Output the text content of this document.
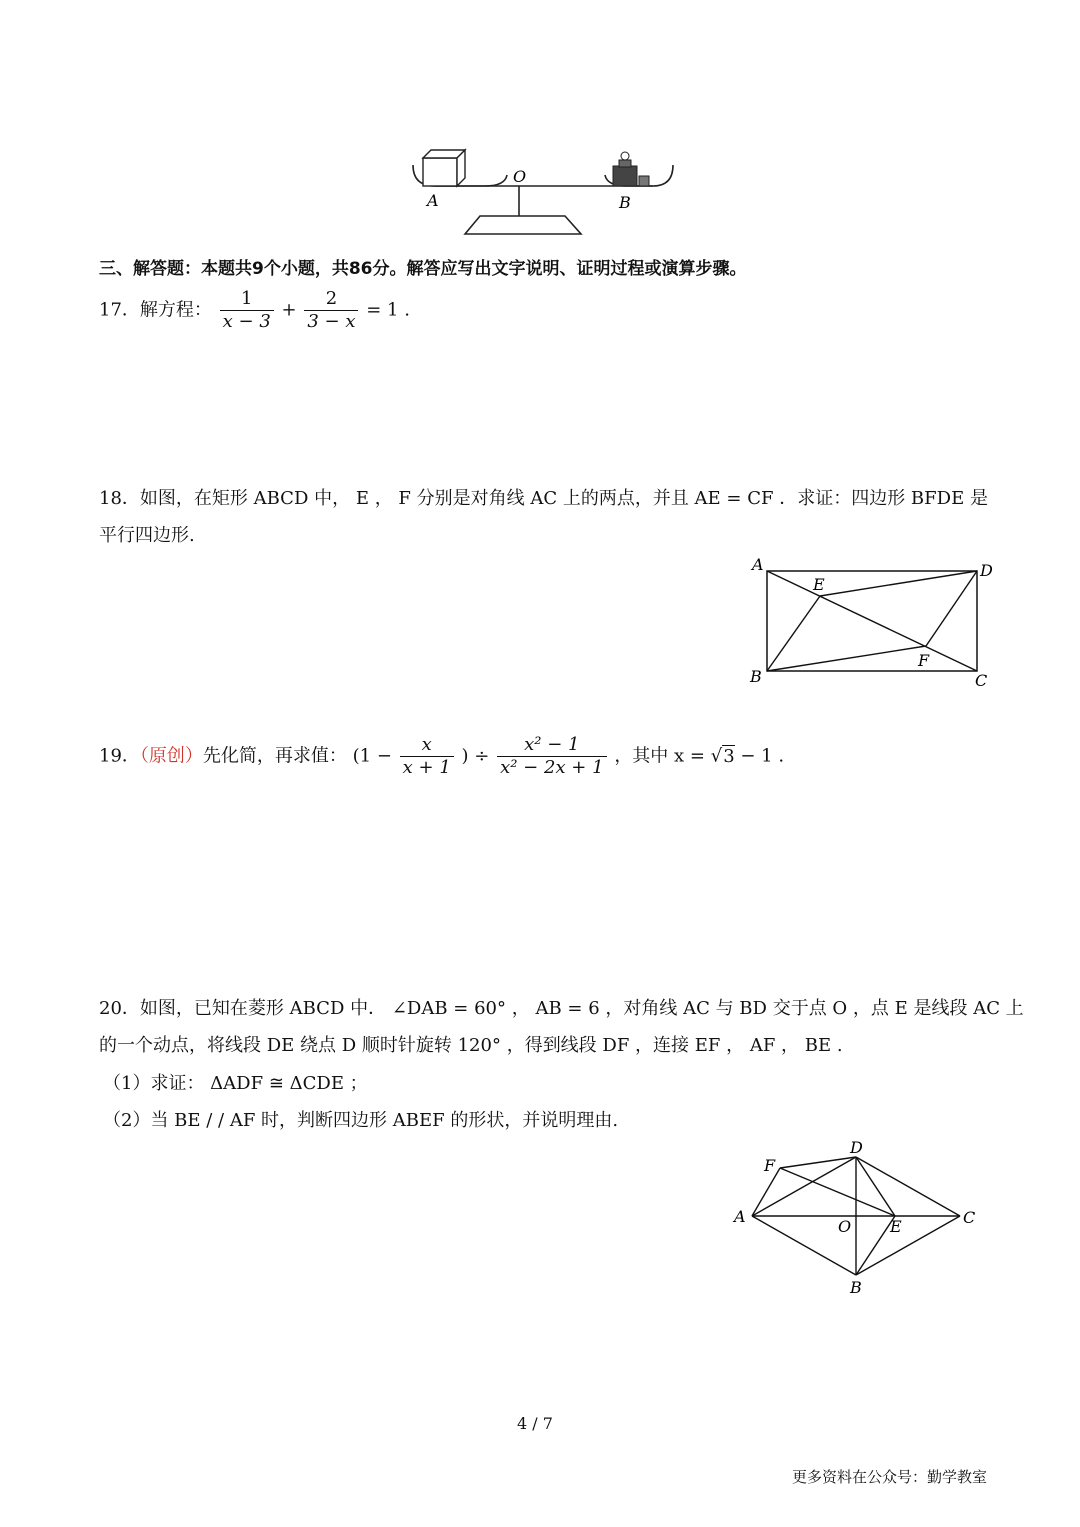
A
O
B
三、解答题：本题共9个小题，共86分。解答应写出文字说明、证明过程或演算步骤。
17．解方程： $\frac{1}{x - 3} + \frac{2}{3 - x} = 1$ .
18．如图，在矩形 ABCD 中， E ， F 分别是对角线 AC 上的两点，并且 AE = CF ．求证：四边形 BFDE 是
平行四边形.
A	D
E
F
B	C
19．（原创）先化简，再求值： ($1 - \frac{x}{x + 1}$ ) ÷ $\frac{\text{x² − 1}}{\text{x² − 2x + 1}}$ ，其中 x = √3 − 1 .
20．如图，已知在菱形 ABCD 中． ∠DAB = 60° ， AB = 6 ，对角线 AC 与 BD 交于点 O ，点 E 是线段 AC 上
的一个动点，将线段 DE 绕点 D 顺时针旋转 120° ，得到线段 DF ，连接 EF ， AF ， BE .
（1）求证： ΔADF ≅ ΔCDE ；
（2）当 BE / / AF 时，判断四边形 ABEF 的形状，并说明理由.
D
F
A
O E	C
B
4 / 7
更多资料在公众号：勤学教室
